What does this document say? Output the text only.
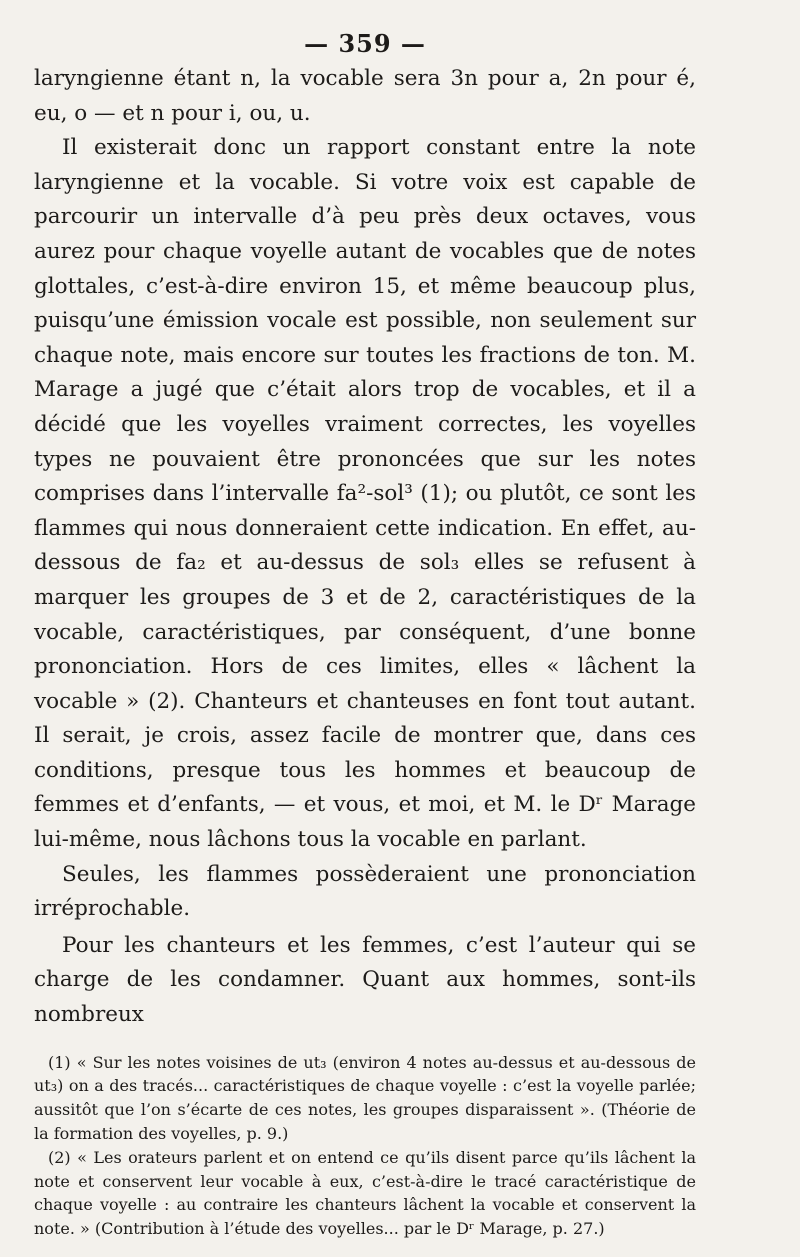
— 359 —

laryngienne étant n, la vocable sera 3n pour a, 2n pour é, eu, o — et n pour i, ou, u.

Il existerait donc un rapport constant entre la note laryngienne et la vocable. Si votre voix est capable de parcourir un intervalle d’à peu près deux octaves, vous aurez pour chaque voyelle autant de vocables que de notes glottales, c’est-à-dire environ 15, et même beaucoup plus, puisqu’une émission vocale est possible, non seulement sur chaque note, mais encore sur toutes les fractions de ton. M. Marage a jugé que c’était alors trop de vocables, et il a décidé que les voyelles vraiment correctes, les voyelles types ne pouvaient être prononcées que sur les notes comprises dans l’intervalle fa²-sol³ (1); ou plutôt, ce sont les flammes qui nous donneraient cette indication. En effet, au-dessous de fa₂ et au-dessus de sol₃ elles se refusent à marquer les groupes de 3 et de 2, caractéristiques de la vocable, caractéristiques, par conséquent, d’une bonne prononciation. Hors de ces limites, elles « lâchent la vocable » (2). Chanteurs et chanteuses en font tout autant. Il serait, je crois, assez facile de montrer que, dans ces conditions, presque tous les hommes et beaucoup de femmes et d’enfants, — et vous, et moi, et M. le Dʳ Marage lui-même, nous lâchons tous la vocable en parlant.

Seules, les flammes possèderaient une prononciation irréprochable.

Pour les chanteurs et les femmes, c’est l’auteur qui se charge de les condamner. Quant aux hommes, sont-ils nombreux

(1) « Sur les notes voisines de ut₃ (environ 4 notes au-dessus et au-dessous de ut₃) on a des tracés... caractéristiques de chaque voyelle : c’est la voyelle parlée; aussitôt que l’on s’écarte de ces notes, les groupes disparaissent ». (Théorie de la formation des voyelles, p. 9.)

(2) « Les orateurs parlent et on entend ce qu’ils disent parce qu’ils lâchent la note et conservent leur vocable à eux, c’est-à-dire le tracé caractéristique de chaque voyelle : au contraire les chanteurs lâchent la vocable et conservent la note. » (Contribution à l’étude des voyelles... par le Dʳ Marage, p. 27.)
